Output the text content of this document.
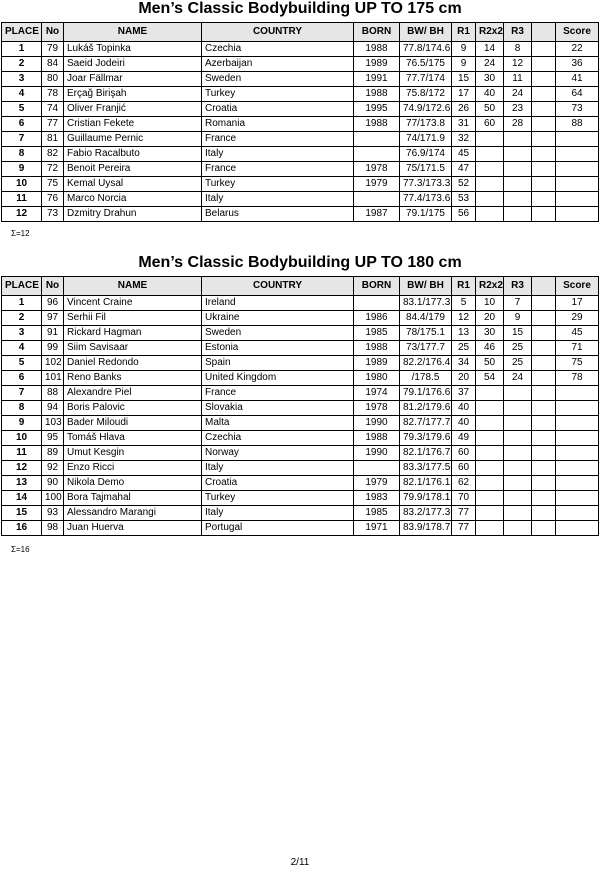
Men’s Classic Bodybuilding UP TO 175 cm
PLACE	No	NAME	COUNTRY	BORN	BW/ BH	R1	R2x2	R3		Score
1	79	Lukáš Topinka	Czechia	1988	77.8/174.6	9	14	8		22
2	84	Saeid Jodeiri	Azerbaijan	1989	76.5/175	9	24	12		36
3	80	Joar Fällmar	Sweden	1991	77.7/174	15	30	11		41
4	78	Erçağ Birişah	Turkey	1988	75.8/172	17	40	24		64
5	74	Oliver Franjić	Croatia	1995	74.9/172.6	26	50	23		73
6	77	Cristian Fekete	Romania	1988	77/173.8	31	60	28		88
7	81	Guillaume Pernic	France		74/171.9	32				
8	82	Fabio Racalbuto	Italy		76.9/174	45				
9	72	Benoit Pereira	France	1978	75/171.5	47				
10	75	Kemal Uysal	Turkey	1979	77.3/173.3	52				
11	76	Marco Norcia	Italy		77.4/173.6	53				
12	73	Dzmitry Drahun	Belarus	1987	79.1/175	56				
Σ=12
Men’s Classic Bodybuilding UP TO 180 cm
PLACE	No	NAME	COUNTRY	BORN	BW/ BH	R1	R2x2	R3		Score
1	96	Vincent Craine	Ireland		83.1/177.3	5	10	7		17
2	97	Serhii Fil	Ukraine	1986	84.4/179	12	20	9		29
3	91	Rickard Hagman	Sweden	1985	78/175.1	13	30	15		45
4	99	Siim Savisaar	Estonia	1988	73/177.7	25	46	25		71
5	102	Daniel Redondo	Spain	1989	82.2/176.4	34	50	25		75
6	101	Reno Banks	United Kingdom	1980	/178.5	20	54	24		78
7	88	Alexandre Piel	France	1974	79.1/176.6	37				
8	94	Boris Palovic	Slovakia	1978	81.2/179.6	40				
9	103	Bader Miloudi	Malta	1990	82.7/177.7	40				
10	95	Tomáš Hlava	Czechia	1988	79.3/179.6	49				
11	89	Umut Kesgin	Norway	1990	82.1/176.7	60				
12	92	Enzo Ricci	Italy		83.3/177.5	60				
13	90	Nikola Demo	Croatia	1979	82.1/176.1	62				
14	100	Bora Tajmahal	Turkey	1983	79.9/178.1	70				
15	93	Alessandro Marangi	Italy	1985	83.2/177.3	77				
16	98	Juan Huerva	Portugal	1971	83.9/178.7	77				
Σ=16
2/11
